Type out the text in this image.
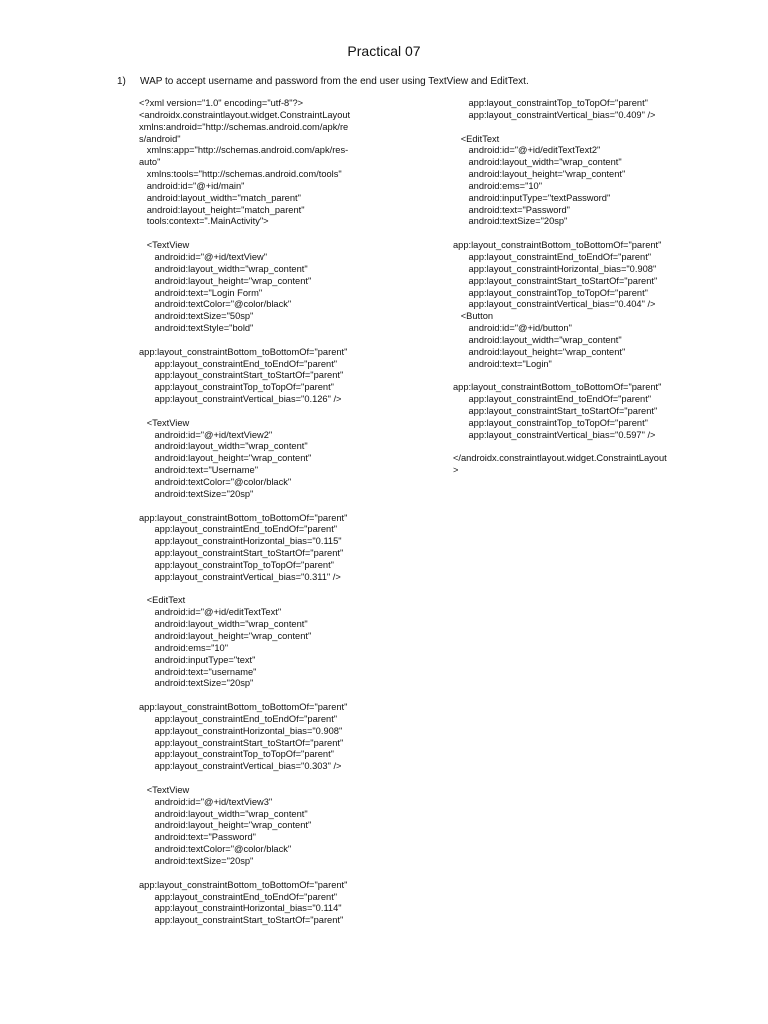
Practical 07
1) WAP to accept username and password from the end user using TextView and EditText.
<?xml version="1.0" encoding="utf-8"?>
<androidx.constraintlayout.widget.ConstraintLayout
xmlns:android="http://schemas.android.com/apk/re
s/android"
xmlns:app="http://schemas.android.com/apk/res-
auto"
xmlns:tools="http://schemas.android.com/tools"
android:id="@+id/main"
android:layout_width="match_parent"
android:layout_height="match_parent"
tools:context=".MainActivity">

<TextView
android:id="@+id/textView"
android:layout_width="wrap_content"
android:layout_height="wrap_content"
android:text="Login Form"
android:textColor="@color/black"
android:textSize="50sp"
android:textStyle="bold"

app:layout_constraintBottom_toBottomOf="parent"
app:layout_constraintEnd_toEndOf="parent"
app:layout_constraintStart_toStartOf="parent"
app:layout_constraintTop_toTopOf="parent"
app:layout_constraintVertical_bias="0.126" />

<TextView
android:id="@+id/textView2"
android:layout_width="wrap_content"
android:layout_height="wrap_content"
android:text="Username"
android:textColor="@color/black"
android:textSize="20sp"

app:layout_constraintBottom_toBottomOf="parent"
app:layout_constraintEnd_toEndOf="parent"
app:layout_constraintHorizontal_bias="0.115"
app:layout_constraintStart_toStartOf="parent"
app:layout_constraintTop_toTopOf="parent"
app:layout_constraintVertical_bias="0.311" />

<EditText
android:id="@+id/editTextText"
android:layout_width="wrap_content"
android:layout_height="wrap_content"
android:ems="10"
android:inputType="text"
android:text="username"
android:textSize="20sp"

app:layout_constraintBottom_toBottomOf="parent"
app:layout_constraintEnd_toEndOf="parent"
app:layout_constraintHorizontal_bias="0.908"
app:layout_constraintStart_toStartOf="parent"
app:layout_constraintTop_toTopOf="parent"
app:layout_constraintVertical_bias="0.303" />

<TextView
android:id="@+id/textView3"
android:layout_width="wrap_content"
android:layout_height="wrap_content"
android:text="Password"
android:textColor="@color/black"
android:textSize="20sp"

app:layout_constraintBottom_toBottomOf="parent"
app:layout_constraintEnd_toEndOf="parent"
app:layout_constraintHorizontal_bias="0.114"
app:layout_constraintStart_toStartOf="parent"
app:layout_constraintTop_toTopOf="parent"
app:layout_constraintVertical_bias="0.409" />

<EditText
android:id="@+id/editTextText2"
android:layout_width="wrap_content"
android:layout_height="wrap_content"
android:ems="10"
android:inputType="textPassword"
android:text="Password"
android:textSize="20sp"

app:layout_constraintBottom_toBottomOf="parent"
app:layout_constraintEnd_toEndOf="parent"
app:layout_constraintHorizontal_bias="0.908"
app:layout_constraintStart_toStartOf="parent"
app:layout_constraintTop_toTopOf="parent"
app:layout_constraintVertical_bias="0.404" />
<Button
android:id="@+id/button"
android:layout_width="wrap_content"
android:layout_height="wrap_content"
android:text="Login"

app:layout_constraintBottom_toBottomOf="parent"
app:layout_constraintEnd_toEndOf="parent"
app:layout_constraintStart_toStartOf="parent"
app:layout_constraintTop_toTopOf="parent"
app:layout_constraintVertical_bias="0.597" />

</androidx.constraintlayout.widget.ConstraintLayout
>
